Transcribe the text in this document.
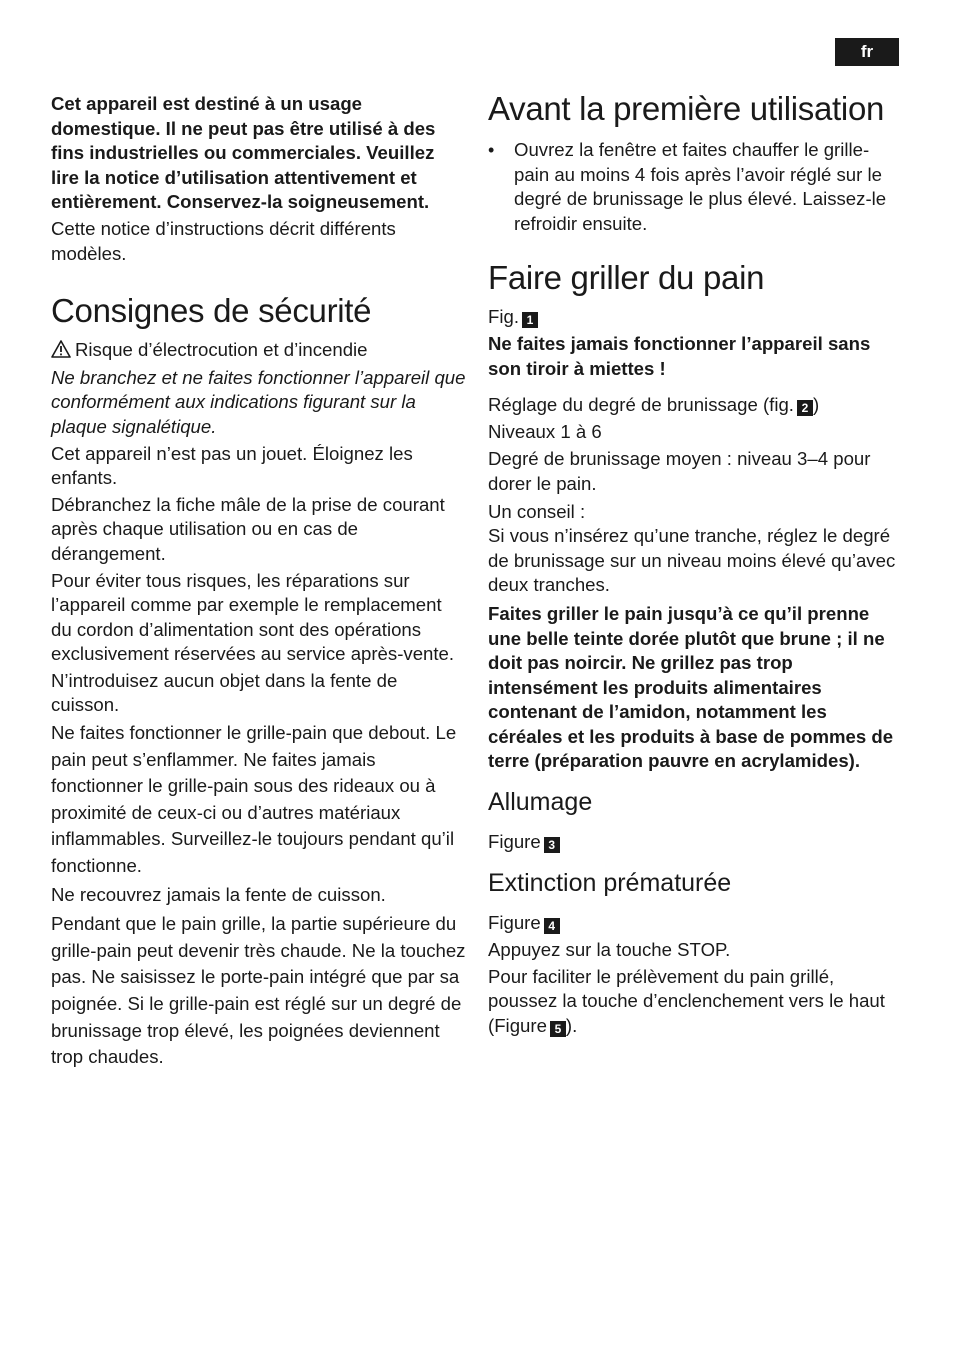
fr

Cet appareil est destiné à un usage domestique. Il ne peut pas être utilisé à des fins industrielles ou commerciales. Veuillez lire la notice d’utilisation attentivement et entièrement. Conservez-la soigneusement.

Cette notice d’instructions décrit différents modèles.

Consignes de sécurité

Risque d’électrocution et d’incendie

Ne branchez et ne faites fonctionner l’appareil que conformément aux indications figurant sur la plaque signalétique.

Cet appareil n’est pas un jouet. Éloignez les enfants.

Débranchez la fiche mâle de la prise de courant après chaque utilisation ou en cas de dérangement.

Pour éviter tous risques, les réparations sur l’appareil comme par exemple le remplacement du cordon d’alimentation sont des opérations exclusivement réservées au service après-vente.

N’introduisez aucun objet dans la fente de cuisson.

Ne faites fonctionner le grille-pain que debout. Le pain peut s’enflammer. Ne faites jamais fonctionner le grille-pain sous des rideaux ou à proximité de ceux-ci ou d’autres matériaux inflammables. Surveillez-le toujours pendant qu’il fonctionne.

Ne recouvrez jamais la fente de cuisson.

Pendant que le pain grille, la partie supérieure du grille-pain peut devenir très chaude. Ne la touchez pas. Ne saisissez le porte-pain intégré que par sa poignée. Si le grille-pain est réglé sur un degré de brunissage trop élevé, les poignées deviennent trop chaudes.

Avant la première utilisation
•	Ouvrez la fenêtre et faites chauffer le grille-pain au moins 4 fois après l’avoir réglé sur le degré de brunissage le plus élevé. Laissez-le refroidir ensuite.
Faire griller du pain

Fig. 1

Ne faites jamais fonctionner l’appareil sans son tiroir à miettes !

Réglage du degré de brunissage (fig. 2 )

Niveaux 1 à 6

Degré de brunissage moyen : niveau 3–4 pour dorer le pain.

Un conseil :

Si vous n’insérez qu’une tranche, réglez le degré de brunissage sur un niveau moins élevé qu’avec deux tranches.

Faites griller le pain jusqu’à ce qu’il prenne une belle teinte dorée plutôt que brune ; il ne doit pas noircir. Ne grillez pas trop intensément les produits alimentaires contenant de l’amidon, notamment les céréales et les produits à base de pommes de terre (préparation pauvre en acrylamides).

Allumage

Figure 3

Extinction prématurée

Figure 4

Appuyez sur la touche STOP.

Pour faciliter le prélèvement du pain grillé, poussez la touche d’enclenchement vers le haut (Figure 5 ).
